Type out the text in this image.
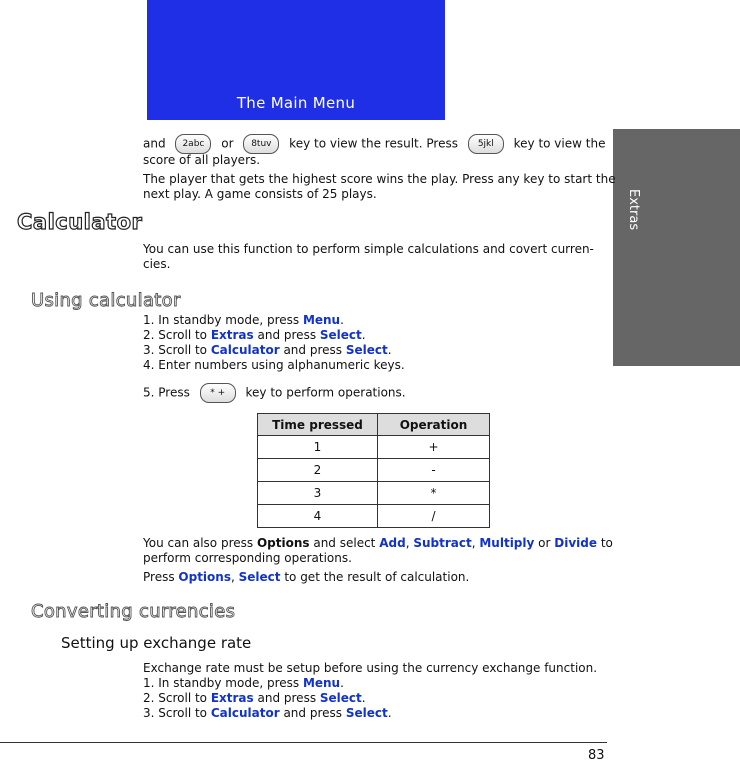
The Main Menu
Extras
and 2abc or 8tuv key to view the result. Press 5jkl key to view the
score of all players.
The player that gets the highest score wins the play. Press any key to start the
next play. A game consists of 25 plays.
Calculator
You can use this function to perform simple calculations and covert curren-
cies.
Using calculator
1. In standby mode, press Menu.
2. Scroll to Extras and press Select.
3. Scroll to Calculator and press Select.
4. Enter numbers using alphanumeric keys.
5. Press * + key to perform operations.
Time pressed	Operation
1	+
2	-
3	*
4	/
You can also press Options and select Add, Subtract, Multiply or Divide to
perform corresponding operations.
Press Options, Select to get the result of calculation.
Converting currencies
Setting up exchange rate
Exchange rate must be setup before using the currency exchange function.
1. In standby mode, press Menu.
2. Scroll to Extras and press Select.
3. Scroll to Calculator and press Select.
83
